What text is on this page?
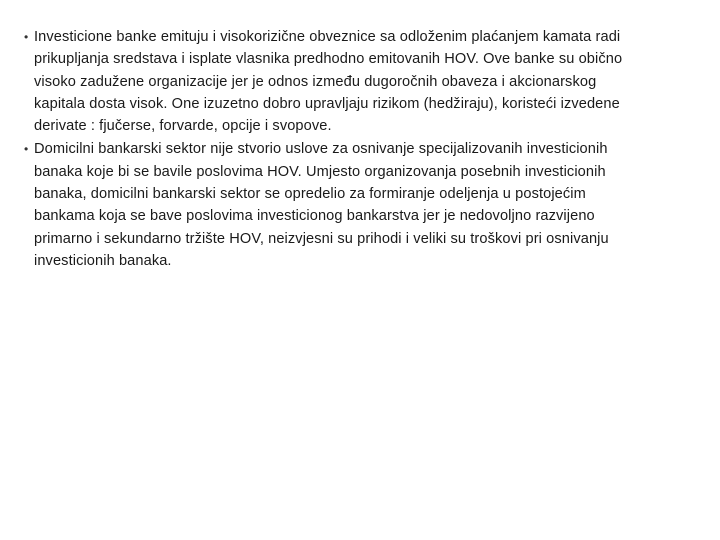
• Investicione banke emituju i visokorizične obveznice sa odloženim plaćanjem kamata radi prikupljanja sredstava i isplate vlasnika predhodno emitovanih HOV. Ove banke su obično visoko zadužene organizacije jer je odnos između dugoročnih obaveza i akcionarskog kapitala dosta visok. One izuzetno dobro upravljaju rizikom (hedžiraju), koristeći izvedene derivate : fjučerse, forvarde, opcije i svopove.
• Domicilni bankarski sektor nije stvorio uslove za osnivanje specijalizovanih investicionih banaka koje bi se bavile poslovima HOV. Umjesto organizovanja posebnih investicionih banaka, domicilni bankarski sektor se opredelio za formiranje odeljenja u postojećim bankama koja se bave poslovima investicionog bankarstva jer je nedovoljno razvijeno primarno i sekundarno tržište HOV, neizvjesni su prihodi i veliki su troškovi pri osnivanju investicionih banaka.
